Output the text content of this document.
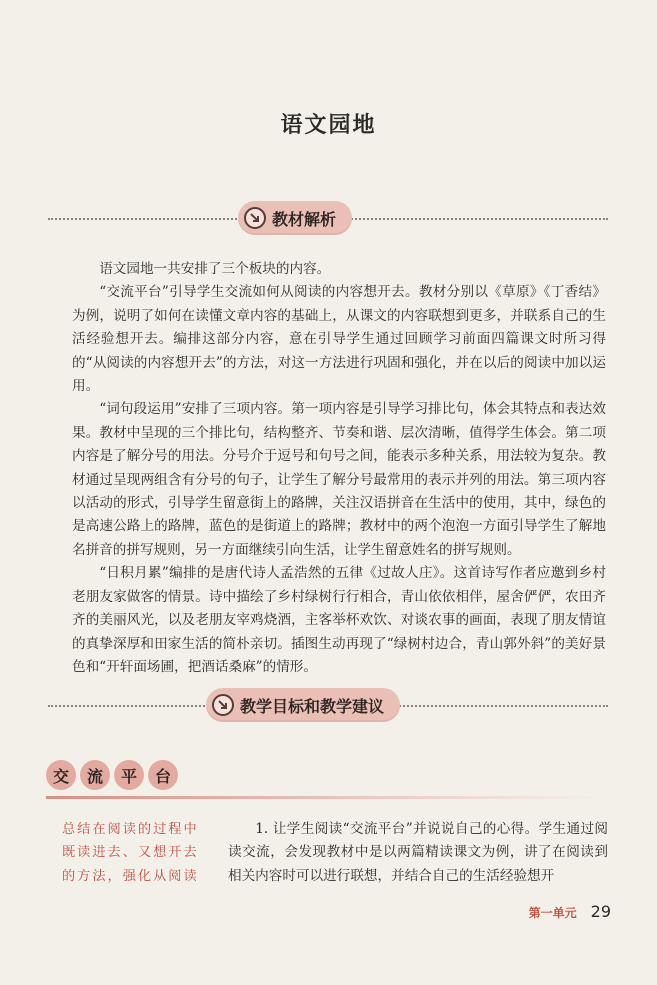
语文园地
教材解析

语文园地一共安排了三个板块的内容。

“交流平台”引导学生交流如何从阅读的内容想开去。教材分别以《草原》《丁香结》为例，说明了如何在读懂文章内容的基础上，从课文的内容联想到更多，并联系自己的生活经验想开去。编排这部分内容，意在引导学生通过回顾学习前面四篇课文时所习得的“从阅读的内容想开去”的方法，对这一方法进行巩固和强化，并在以后的阅读中加以运用。

“词句段运用”安排了三项内容。第一项内容是引导学习排比句，体会其特点和表达效果。教材中呈现的三个排比句，结构整齐、节奏和谐、层次清晰，值得学生体会。第二项内容是了解分号的用法。分号介于逗号和句号之间，能表示多种关系，用法较为复杂。教材通过呈现两组含有分号的句子，让学生了解分号最常用的表示并列的用法。第三项内容以活动的形式，引导学生留意街上的路牌，关注汉语拼音在生活中的使用，其中，绿色的是高速公路上的路牌，蓝色的是街道上的路牌；教材中的两个泡泡一方面引导学生了解地名拼音的拼写规则，另一方面继续引向生活，让学生留意姓名的拼写规则。

“日积月累”编排的是唐代诗人孟浩然的五律《过故人庄》。这首诗写作者应邀到乡村老朋友家做客的情景。诗中描绘了乡村绿树行行相合，青山依依相伴，屋舍俨俨，农田齐齐的美丽风光，以及老朋友宰鸡烧酒，主客举杯欢饮、对谈农事的画面，表现了朋友情谊的真挚深厚和田家生活的简朴亲切。插图生动再现了“绿树村边合，青山郭外斜”的美好景色和“开轩面场圃，把酒话桑麻”的情形。

教学目标和教学建议
交	流	平	台
总结在阅读的过程中既读进去、又想开去的方法，强化从阅读

1. 让学生阅读“交流平台”并说说自己的心得。学生通过阅读交流，会发现教材中是以两篇精读课文为例，讲了在阅读到相关内容时可以进行联想，并结合自己的生活经验想开

第一单元 29
